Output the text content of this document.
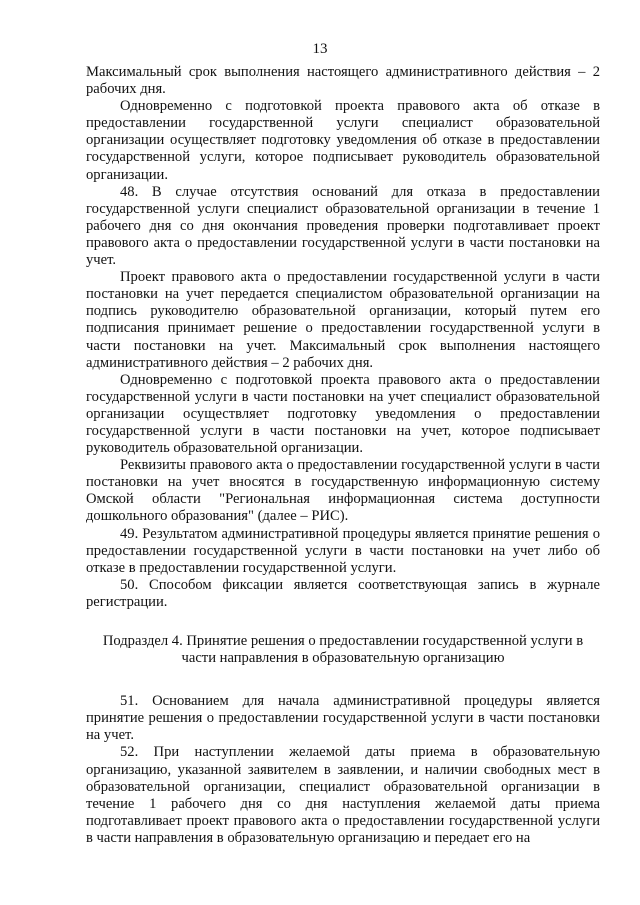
13

Максимальный срок выполнения настоящего административного действия – 2 рабочих дня.

Одновременно с подготовкой проекта правового акта об отказе в предоставлении государственной услуги специалист образовательной организации осуществляет подготовку уведомления об отказе в предоставлении государственной услуги, которое подписывает руководитель образовательной организации.

48. В случае отсутствия оснований для отказа в предоставлении государственной услуги специалист образовательной организации в течение 1 рабочего дня со дня окончания проведения проверки подготавливает проект правового акта о предоставлении государственной услуги в части постановки на учет.

Проект правового акта о предоставлении государственной услуги в части постановки на учет передается специалистом образовательной организации на подпись руководителю образовательной организации, который путем его подписания принимает решение о предоставлении государственной услуги в части постановки на учет. Максимальный срок выполнения настоящего административного действия – 2 рабочих дня.

Одновременно с подготовкой проекта правового акта о предоставлении государственной услуги в части постановки на учет специалист образовательной организации осуществляет подготовку уведомления о предоставлении государственной услуги в части постановки на учет, которое подписывает руководитель образовательной организации.

Реквизиты правового акта о предоставлении государственной услуги в части постановки на учет вносятся в государственную информационную систему Омской области "Региональная информационная система доступности дошкольного образования" (далее – РИС).

49. Результатом административной процедуры является принятие решения о предоставлении государственной услуги в части постановки на учет либо об отказе в предоставлении государственной услуги.

50. Способом фиксации является соответствующая запись в журнале регистрации.

Подраздел 4. Принятие решения о предоставлении государственной услуги в
части направления в образовательную организацию

51. Основанием для начала административной процедуры является принятие решения о предоставлении государственной услуги в части постановки на учет.

52. При наступлении желаемой даты приема в образовательную организацию, указанной заявителем в заявлении, и наличии свободных мест в образовательной организации, специалист образовательной организации в течение 1 рабочего дня со дня наступления желаемой даты приема подготавливает проект правового акта о предоставлении государственной услуги в части направления в образовательную организацию и передает его на
